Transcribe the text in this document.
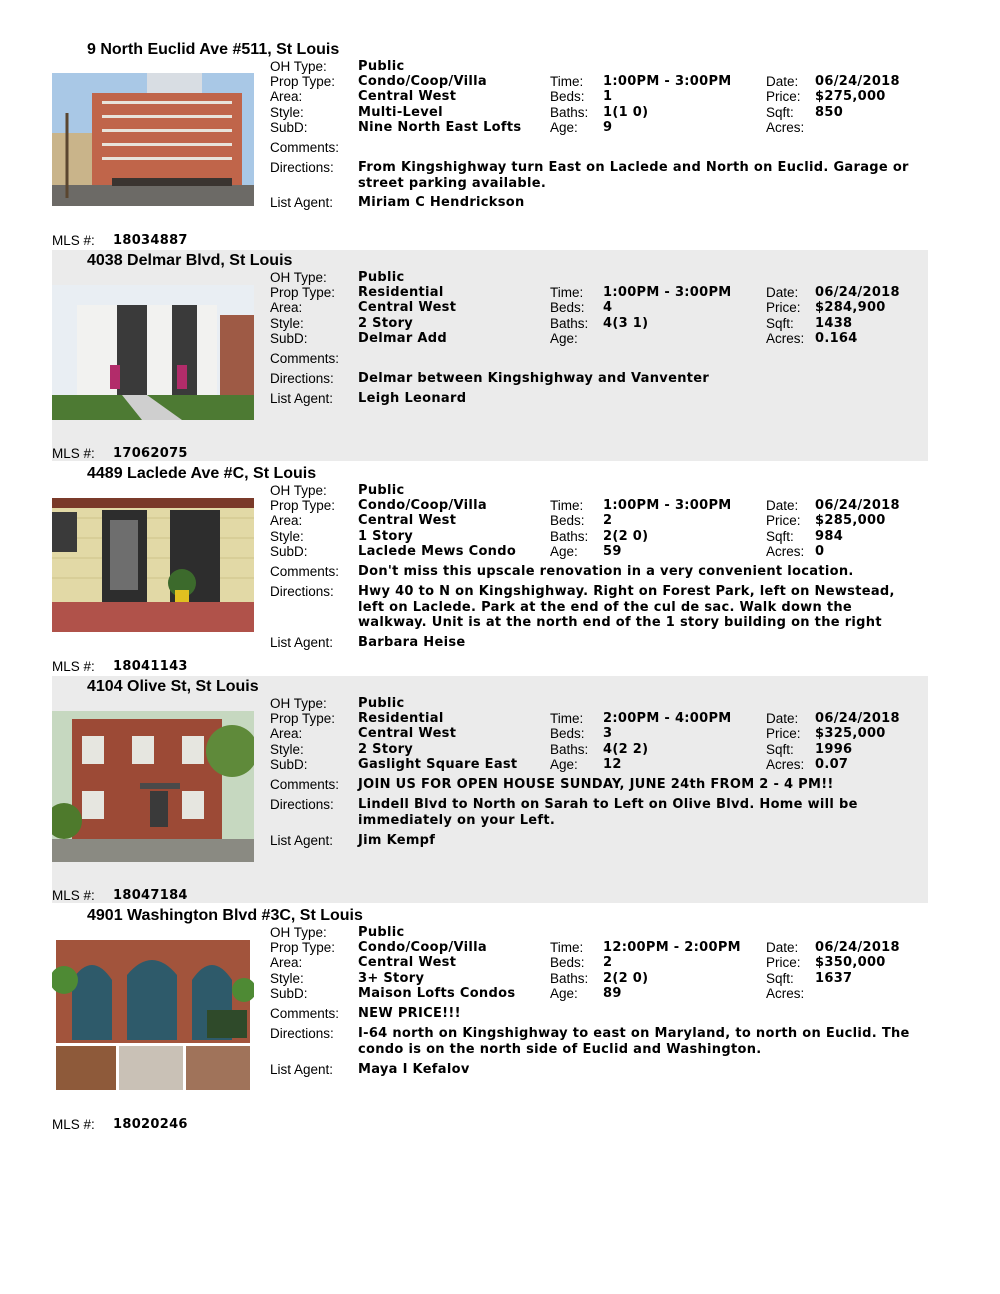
9 North Euclid Ave #511, St Louis
OH Type: Public
Prop Type: Condo/Coop/Villa
Area:	Central West
Style:	Multi-Level
SubD:	Nine North East Lofts
Time: 1:00PM - 3:00PM
Beds: 1
Baths: 1(1 0)
Age: 9
Date: 06/24/2018
Price: $275,000
Sqft: 850
Acres:
Comments:
Directions: From Kingshighway turn East on Laclede and North on Euclid. Garage or street parking available.
List Agent: Miriam C Hendrickson
MLS #: 18034887
4038 Delmar Blvd, St Louis
OH Type: Public
Prop Type: Residential
Area:	Central West
Style:	2 Story
SubD:	Delmar Add
Time: 1:00PM - 3:00PM
Beds: 4
Baths: 4(3 1)
Age:
Date: 06/24/2018
Price: $284,900
Sqft: 1438
Acres: 0.164
Comments:
Directions: Delmar between Kingshighway and Vanventer
List Agent: Leigh Leonard
MLS #: 17062075
4489 Laclede Ave #C, St Louis
OH Type: Public
Prop Type: Condo/Coop/Villa
Area:	Central West
Style:	1 Story
SubD:	Laclede Mews Condo
Time: 1:00PM - 3:00PM
Beds: 2
Baths: 2(2 0)
Age: 59
Date: 06/24/2018
Price: $285,000
Sqft: 984
Acres: 0
Comments: Don't miss this upscale renovation in a very convenient location.
Directions: Hwy 40 to N on Kingshighway. Right on Forest Park, left on Newstead, left on Laclede. Park at the end of the cul de sac. Walk down the walkway. Unit is at the north end of the 1 story building on the right
List Agent: Barbara Heise
MLS #: 18041143
4104 Olive St, St Louis
OH Type: Public
Prop Type: Residential
Area:	Central West
Style:	2 Story
SubD:	Gaslight Square East
Time: 2:00PM - 4:00PM
Beds: 3
Baths: 4(2 2)
Age: 12
Date: 06/24/2018
Price: $325,000
Sqft: 1996
Acres: 0.07
Comments: JOIN US FOR OPEN HOUSE SUNDAY, JUNE 24th FROM 2 - 4 PM!!
Directions: Lindell Blvd to North on Sarah to Left on Olive Blvd. Home will be immediately on your Left.
List Agent: Jim Kempf
MLS #: 18047184
4901 Washington Blvd #3C, St Louis
OH Type: Public
Prop Type: Condo/Coop/Villa
Area:	Central West
Style:	3+ Story
SubD:	Maison Lofts Condos
Time: 12:00PM - 2:00PM
Beds: 2
Baths: 2(2 0)
Age: 89
Date: 06/24/2018
Price: $350,000
Sqft: 1637
Acres:
Comments: NEW PRICE!!!
Directions: I-64 north on Kingshighway to east on Maryland, to north on Euclid. The condo is on the north side of Euclid and Washington.
List Agent: Maya I Kefalov
MLS #: 18020246
